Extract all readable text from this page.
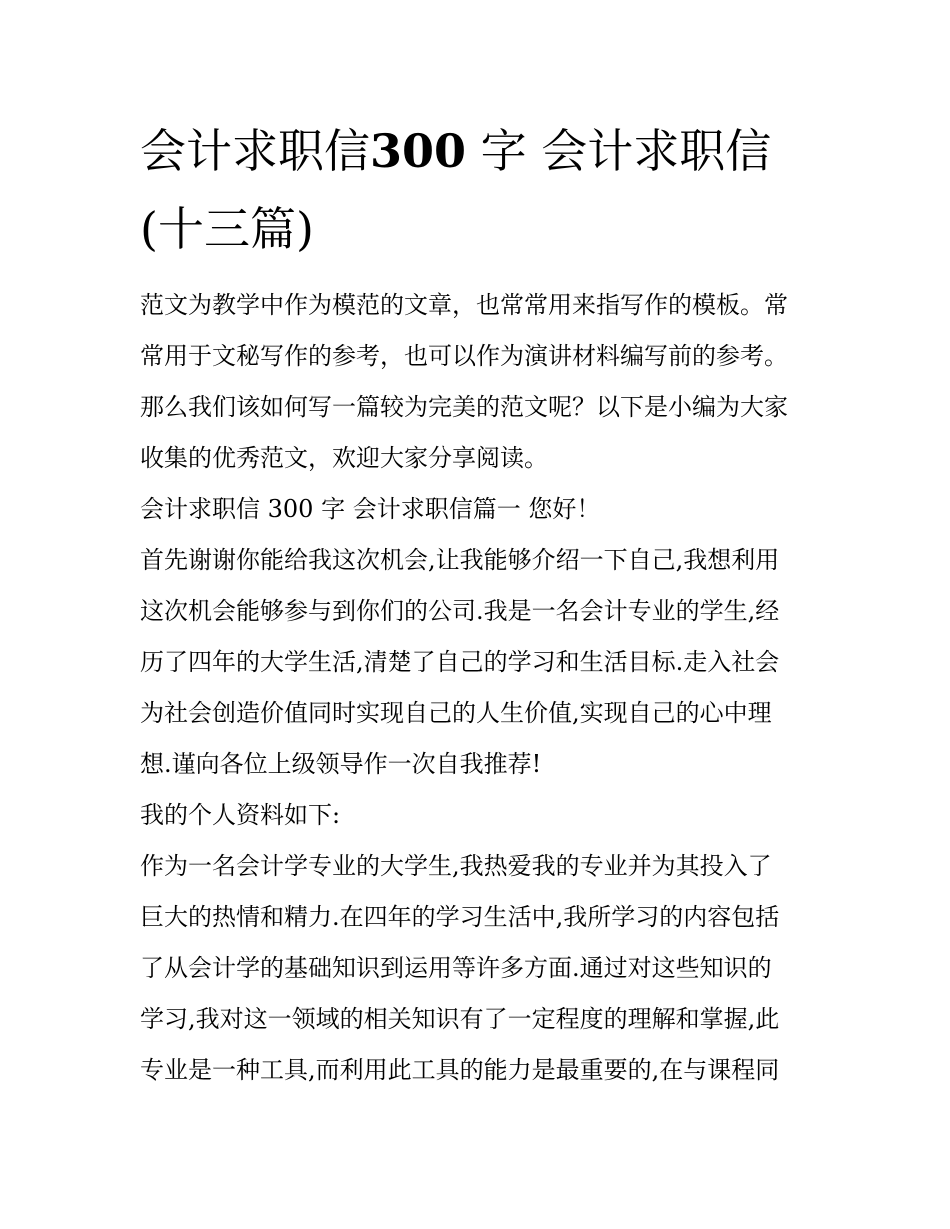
会计求职信300 字 会计求职信
(十三篇)
范文为教学中作为模范的文章，也常常用来指写作的模板。常
常用于文秘写作的参考，也可以作为演讲材料编写前的参考。
那么我们该如何写一篇较为完美的范文呢？以下是小编为大家
收集的优秀范文，欢迎大家分享阅读。
会计求职信 300 字 会计求职信篇一 您好！
首先谢谢你能给我这次机会,让我能够介绍一下自己,我想利用
这次机会能够参与到你们的公司.我是一名会计专业的学生,经
历了四年的大学生活,清楚了自己的学习和生活目标.走入社会
为社会创造价值同时实现自己的人生价值,实现自己的心中理
想.谨向各位上级领导作一次自我推荐!
我的个人资料如下:
作为一名会计学专业的大学生,我热爱我的专业并为其投入了
巨大的热情和精力.在四年的学习生活中,我所学习的内容包括
了从会计学的基础知识到运用等许多方面.通过对这些知识的
学习,我对这一领域的相关知识有了一定程度的理解和掌握,此
专业是一种工具,而利用此工具的能力是最重要的,在与课程同
